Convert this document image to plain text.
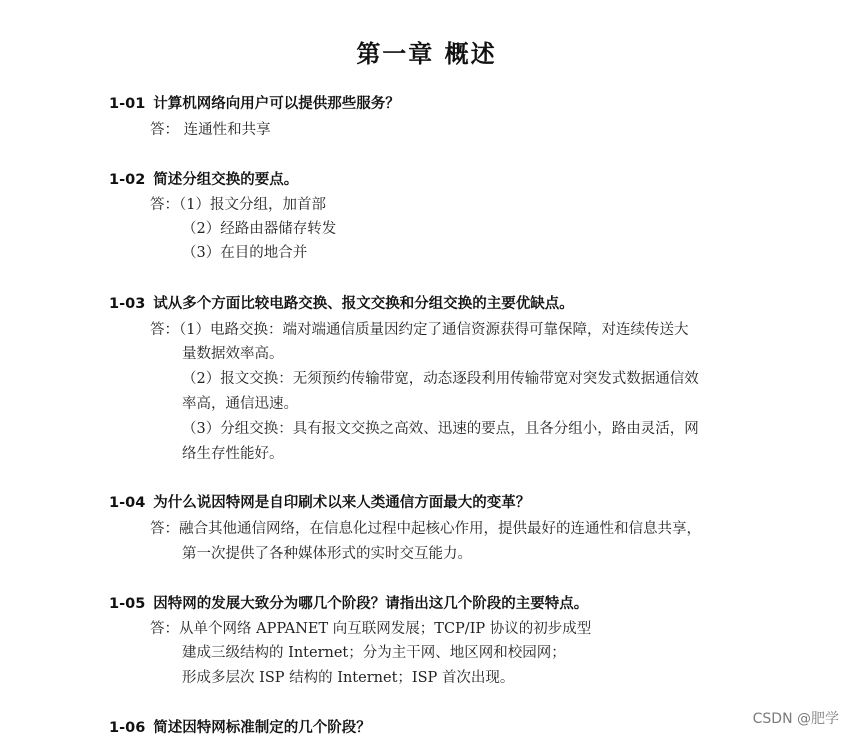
第一章 概述
1-01 计算机网络向用户可以提供那些服务？
答： 连通性和共享
1-02 简述分组交换的要点。
答：（1）报文分组，加首部
（2）经路由器储存转发
（3）在目的地合并
1-03 试从多个方面比较电路交换、报文交换和分组交换的主要优缺点。
答：（1）电路交换：端对端通信质量因约定了通信资源获得可靠保障，对连续传送大
量数据效率高。
（2）报文交换：无须预约传输带宽，动态逐段利用传输带宽对突发式数据通信效
率高，通信迅速。
（3）分组交换：具有报文交换之高效、迅速的要点，且各分组小，路由灵活，网
络生存性能好。
1-04 为什么说因特网是自印刷术以来人类通信方面最大的变革？
答：融合其他通信网络，在信息化过程中起核心作用，提供最好的连通性和信息共享，
第一次提供了各种媒体形式的实时交互能力。
1-05 因特网的发展大致分为哪几个阶段？请指出这几个阶段的主要特点。
答：从单个网络 APPANET 向互联网发展；TCP/IP 协议的初步成型
建成三级结构的 Internet；分为主干网、地区网和校园网；
形成多层次 ISP 结构的 Internet；ISP 首次出现。
1-06 简述因特网标准制定的几个阶段？
CSDN @肥学
